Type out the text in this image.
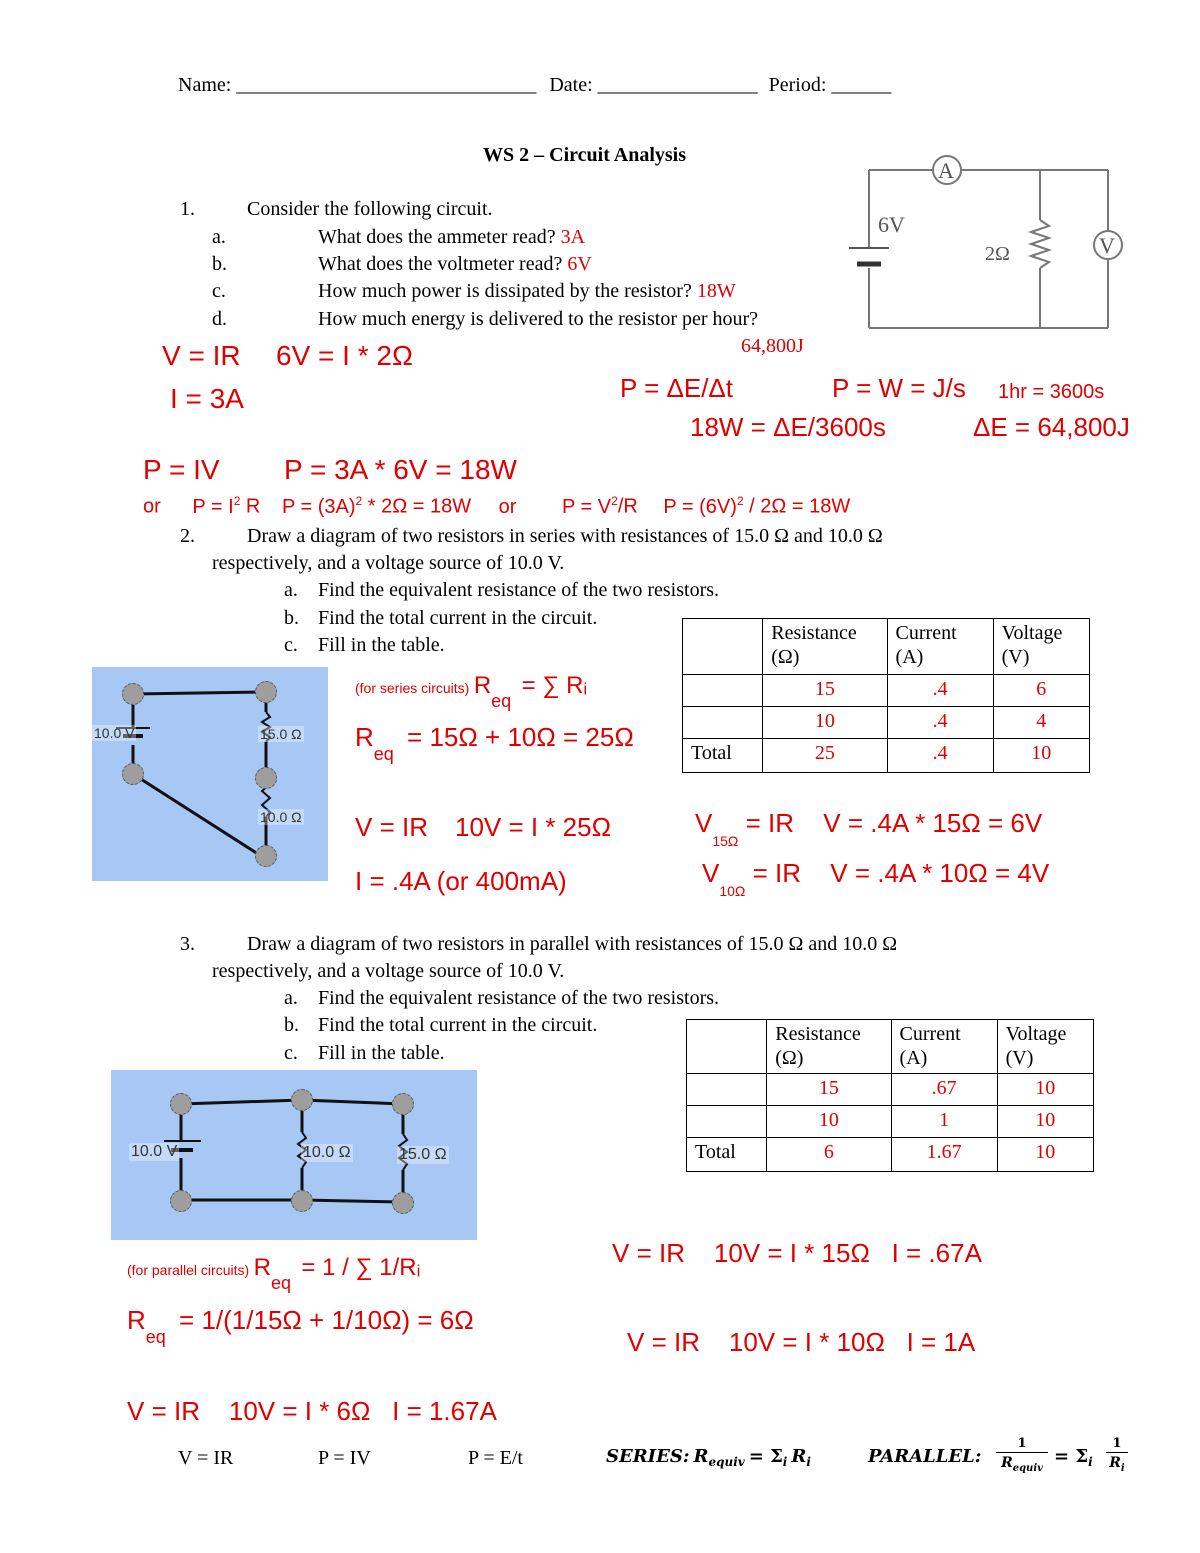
Name: ______________________________ Date: ________________ Period: ______
WS 2 – Circuit Analysis
A
V
6V
2Ω
1.	Consider the following circuit.
a.	What does the ammeter read? 3A
b.	What does the voltmeter read? 6V
c.	How much power is dissipated by the resistor? 18W
d.	How much energy is delivered to the resistor per hour?
64,800J
V = IR 6V = I * 2Ω
I = 3A	P = ΔE/Δt	P = W = J/s 1hr = 3600s
18W = ΔE/3600s	ΔE = 64,800J
P = IV P = 3A * 6V = 18W
or $P = I^2$ R $P = (3A)^2 * 2\Omega = 18W$ or $P = V^2/R$ $P = (6V)^2 / 2\Omega = 18W$
2.	Draw a diagram of two resistors in series with resistances of 15.0 Ω and 10.0 Ω
respectively, and a voltage source of 10.0 V.
a. Find the equivalent resistance of the two resistors.
b. Find the total current in the circuit.
c. Fill in the table.
10.0 V	15.0 Ω
10.0 Ω
	Resistance (Ω)	Current (A)	Voltage (V)
	15	.4	6
	10	.4	4
Total	25	.4	10
(for series circuits) $R_{eq}$ = ∑ Rᵢ
$R_{eq} = 15\Omega + 10\Omega = 25\Omega$
V = IR 10V = I * 25Ω
I = .4A (or 400mA)
$V_{15\Omega}$ = IR V = .4A * 15Ω = 6V
$V_{10\Omega}$ = IR V = .4A * 10Ω = 4V
3.	Draw a diagram of two resistors in parallel with resistances of 15.0 Ω and 10.0 Ω
respectively, and a voltage source of 10.0 V.
a. Find the equivalent resistance of the two resistors.
b. Find the total current in the circuit.
c. Fill in the table.
10.0 V	10.0 Ω	15.0 Ω
	Resistance (Ω)	Current (A)	Voltage (V)
	15	.67	10
	10	1	10
Total	6	1.67	10
(for parallel circuits) $R_{eq} = 1$ / ∑ 1/Rᵢ
$R_{eq} = 1/(1/15\Omega + 1/10\Omega) = 6\Omega$
V = IR    10V = I * 15Ω   I = .67A
V = IR    10V = I * 10Ω   I = 1A
V = IR    10V = I * 6Ω   I = 1.67A
V = IR	P = IV	P = E/t	SERIES: $R_{equiv} = \Sigma_i$ $R_i$	PARALLEL:
1
$R_{equiv}$
= $\Sigma_i$
1
$R_i$
